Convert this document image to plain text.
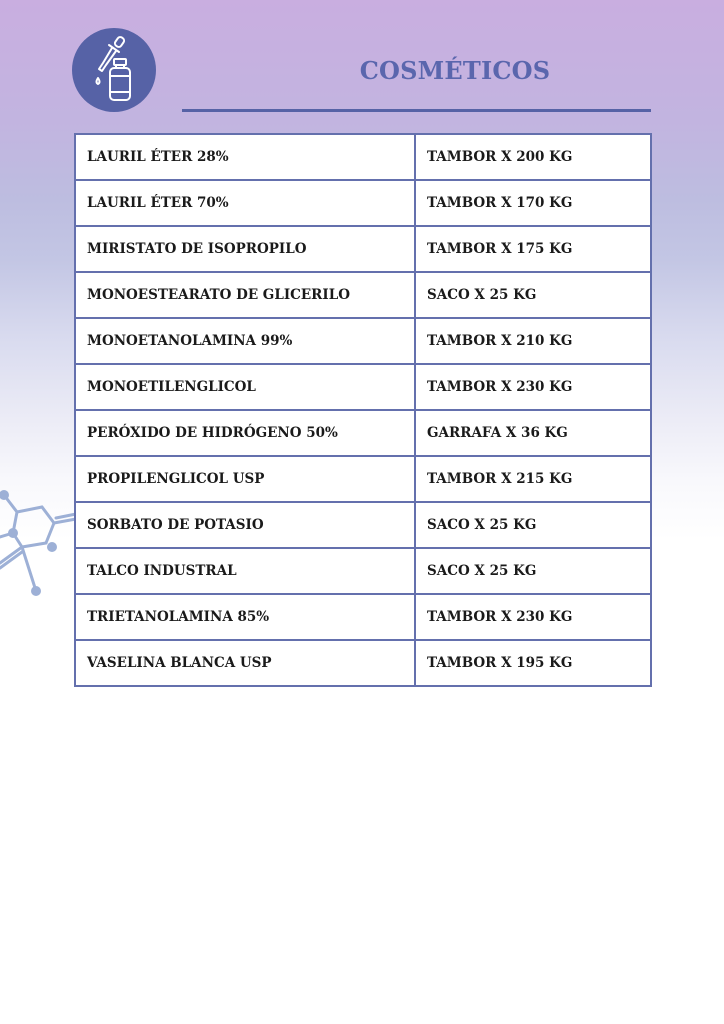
COSMÉTICOS
LAURIL ÉTER 28%	TAMBOR X 200 KG
LAURIL ÉTER 70%	TAMBOR X 170 KG
MIRISTATO DE ISOPROPILO	TAMBOR X 175 KG
MONOESTEARATO DE GLICERILO	SACO X 25 KG
MONOETANOLAMINA 99%	TAMBOR X 210 KG
MONOETILENGLICOL	TAMBOR X 230 KG
PERÓXIDO DE HIDRÓGENO 50%	GARRAFA X 36 KG
PROPILENGLICOL USP	TAMBOR X 215 KG
SORBATO DE POTASIO	SACO X 25 KG
TALCO INDUSTRAL	SACO X 25 KG
TRIETANOLAMINA 85%	TAMBOR X 230 KG
VASELINA BLANCA USP	TAMBOR X 195 KG
